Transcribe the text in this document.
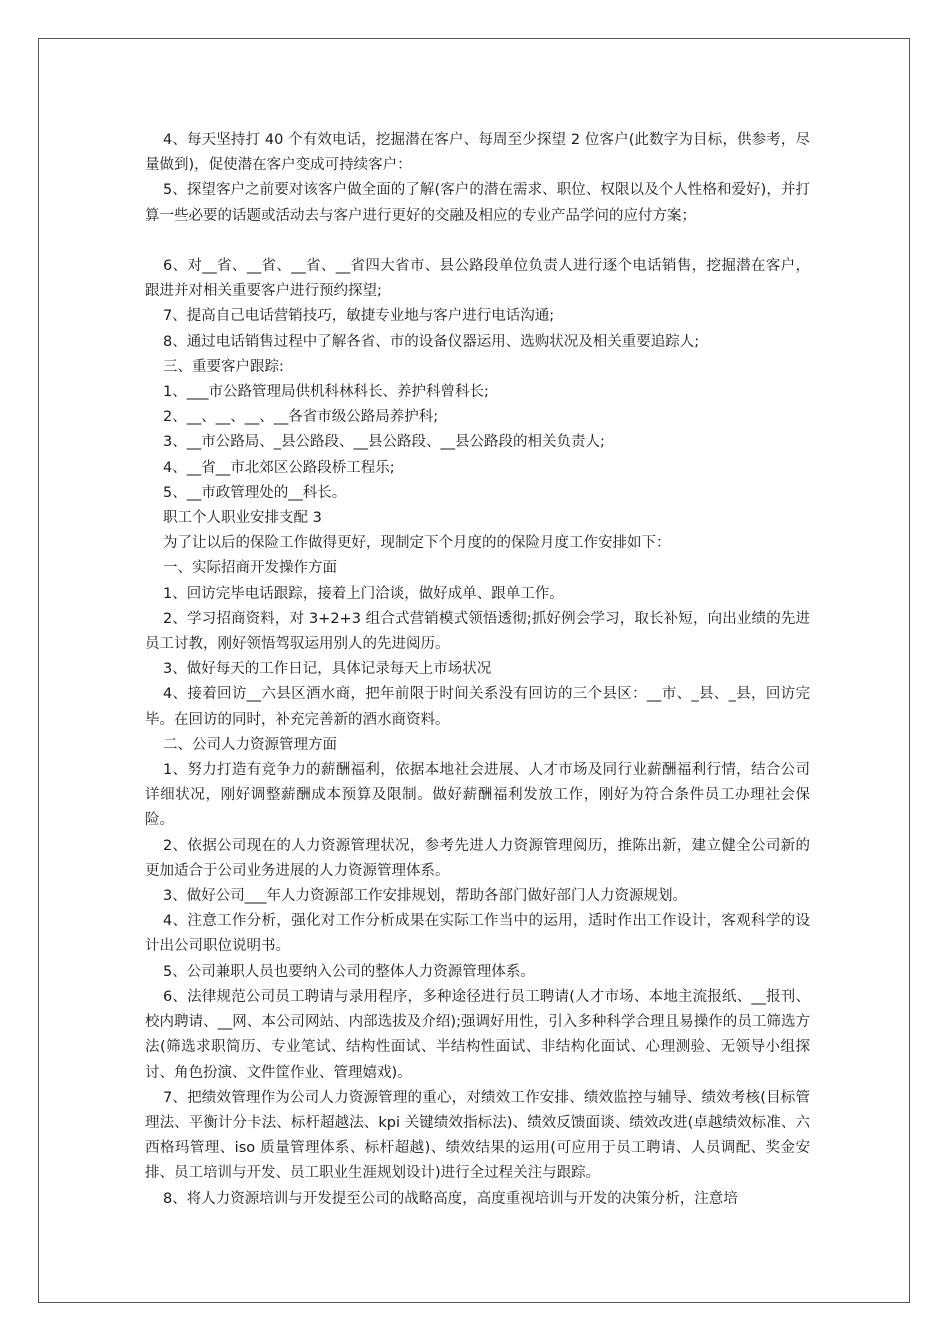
4、每天坚持打 40 个有效电话，挖掘潜在客户、每周至少探望 2 位客户(此数字为目标，供参考，尽量做到)，促使潜在客户变成可持续客户：

5、探望客户之前要对该客户做全面的了解(客户的潜在需求、职位、权限以及个人性格和爱好)，并打算一些必要的话题或活动去与客户进行更好的交融及相应的专业产品学问的应付方案；

6、对__省、__省、__省、__省四大省市、县公路段单位负责人进行逐个电话销售，挖掘潜在客户，跟进并对相关重要客户进行预约探望;

7、提高自己电话营销技巧，敏捷专业地与客户进行电话沟通;

8、通过电话销售过程中了解各省、市的设备仪器运用、选购状况及相关重要追踪人;

三、重要客户跟踪:

1、___市公路管理局供机科林科长、养护科曾科长;

2、__、__、__、__各省市级公路局养护科;

3、__市公路局、_县公路段、__县公路段、__县公路段的相关负责人;

4、__省__市北郊区公路段桥工程乐;

5、__市政管理处的__科长。

职工个人职业安排支配 3

为了让以后的保险工作做得更好，现制定下个月度的的保险月度工作安排如下：

一、实际招商开发操作方面

1、回访完毕电话跟踪，接着上门洽谈，做好成单、跟单工作。

2、学习招商资料，对 3+2+3 组合式营销模式领悟透彻;抓好例会学习，取长补短，向出业绩的先进员工讨教，刚好领悟驾驭运用别人的先进阅历。

3、做好每天的工作日记，具体记录每天上市场状况

4、接着回访__六县区酒水商，把年前限于时间关系没有回访的三个县区：__市、_县、_县，回访完毕。在回访的同时，补充完善新的酒水商资料。

二、公司人力资源管理方面

1、努力打造有竞争力的薪酬福利，依据本地社会进展、人才市场及同行业薪酬福利行情，结合公司详细状况，刚好调整薪酬成本预算及限制。做好薪酬福利发放工作，刚好为符合条件员工办理社会保险。

2、依据公司现在的人力资源管理状况，参考先进人力资源管理阅历，推陈出新，建立健全公司新的更加适合于公司业务进展的人力资源管理体系。

3、做好公司___年人力资源部工作安排规划，帮助各部门做好部门人力资源规划。

4、注意工作分析，强化对工作分析成果在实际工作当中的运用，适时作出工作设计，客观科学的设计出公司职位说明书。

5、公司兼职人员也要纳入公司的整体人力资源管理体系。

6、法律规范公司员工聘请与录用程序，多种途径进行员工聘请(人才市场、本地主流报纸、__报刊、校内聘请、__网、本公司网站、内部选拔及介绍);强调好用性，引入多种科学合理且易操作的员工筛选方法(筛选求职简历、专业笔试、结构性面试、半结构性面试、非结构化面试、心理测验、无领导小组探讨、角色扮演、文件筐作业、管理嬉戏)。

7、把绩效管理作为公司人力资源管理的重心，对绩效工作安排、绩效监控与辅导、绩效考核(目标管理法、平衡计分卡法、标杆超越法、kpi 关键绩效指标法)、绩效反馈面谈、绩效改进(卓越绩效标准、六西格玛管理、iso 质量管理体系、标杆超越)、绩效结果的运用(可应用于员工聘请、人员调配、奖金安排、员工培训与开发、员工职业生涯规划设计)进行全过程关注与跟踪。

8、将人力资源培训与开发提至公司的战略高度，高度重视培训与开发的决策分析，注意培
